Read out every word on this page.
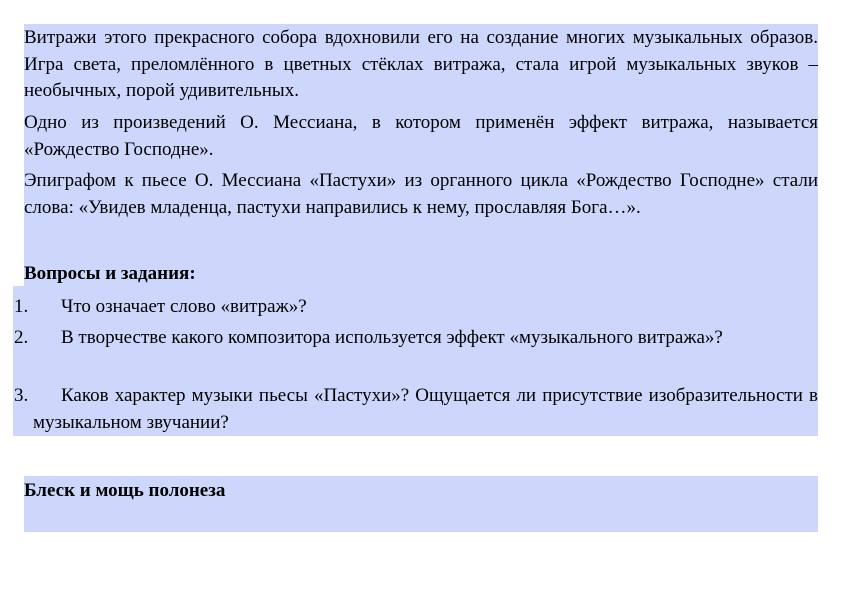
Витражи этого прекрасного собора вдохновили его на создание многих музыкальных образов. Игра света, преломлённого в цветных стёклах витража, стала игрой музыкальных звуков – необычных, порой удивительных.

Одно из произведений О. Мессиана, в котором применён эффект витража, называется «Рождество Господне».

Эпиграфом к пьесе О. Мессиана «Пастухи» из органного цикла «Рождество Господне» стали слова: «Увидев младенца, пастухи направились к нему, прославляя Бога…».

Вопросы и задания:

1.	Что означает слово «витраж»?
2.	В творчестве какого композитора используется эффект «музыкального витража»?
3.	Каков характер музыки пьесы «Пастухи»? Ощущается ли присутствие изобразительности в музыкальном звучании?

Блеск и мощь полонеза
